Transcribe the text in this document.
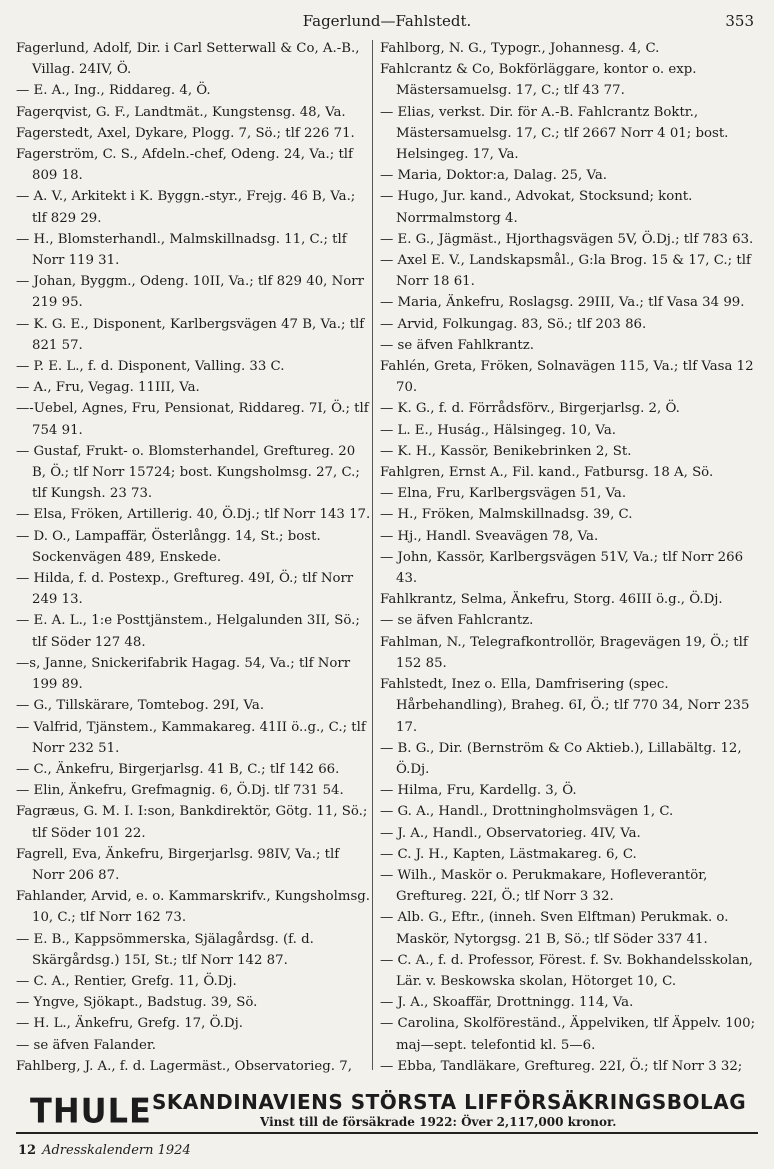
Fagerlund—Fahlstedt.	353
Fagerlund, Adolf, Dir. i Carl Setterwall & Co, A.-B., Villag. 24IV, Ö.
— E. A., Ing., Riddareg. 4, Ö.
Fagerqvist, G. F., Landtmät., Kungstensg. 48, Va.
Fagerstedt, Axel, Dykare, Plogg. 7, Sö.; tlf 226 71.
Fagerström, C. S., Afdeln.-chef, Odeng. 24, Va.; tlf 809 18.
— A. V., Arkitekt i K. Byggn.-styr., Frejg. 46 B, Va.; tlf 829 29.
— H., Blomsterhandl., Malmskillnadsg. 11, C.; tlf Norr 119 31.
— Johan, Byggm., Odeng. 10II, Va.; tlf 829 40, Norr 219 95.
— K. G. E., Disponent, Karlbergsvägen 47 B, Va.; tlf 821 57.
— P. E. L., f. d. Disponent, Valling. 33 C.
— A., Fru, Vegag. 11III, Va.
—-Uebel, Agnes, Fru, Pensionat, Riddareg. 7I, Ö.; tlf 754 91.
— Gustaf, Frukt- o. Blomsterhandel, Greftureg. 20 B, Ö.; tlf Norr 15724; bost. Kungsholmsg. 27, C.; tlf Kungsh. 23 73.
— Elsa, Fröken, Artillerig. 40, Ö.Dj.; tlf Norr 143 17.
— D. O., Lampaffär, Österlångg. 14, St.; bost. Sockenvägen 489, Enskede.
— Hilda, f. d. Postexp., Greftureg. 49I, Ö.; tlf Norr 249 13.
— E. A. L., 1:e Posttjänstem., Helgalunden 3II, Sö.; tlf Söder 127 48.
—s, Janne, Snickerifabrik Hagag. 54, Va.; tlf Norr 199 89.
— G., Tillskärare, Tomtebog. 29I, Va.
— Valfrid, Tjänstem., Kammakareg. 41II ö..g., C.; tlf Norr 232 51.
— C., Änkefru, Birgerjarlsg. 41 B, C.; tlf 142 66.
— Elin, Änkefru, Grefmagnig. 6, Ö.Dj. tlf 731 54.
Fagræus, G. M. I. I:son, Bankdirektör, Götg. 11, Sö.; tlf Söder 101 22.
Fagrell, Eva, Änkefru, Birgerjarlsg. 98IV, Va.; tlf Norr 206 87.
Fahlander, Arvid, e. o. Kammarskrifv., Kungsholmsg. 10, C.; tlf Norr 162 73.
— E. B., Kappsömmerska, Själagårdsg. (f. d. Skärgårdsg.) 15I, St.; tlf Norr 142 87.
— C. A., Rentier, Grefg. 11, Ö.Dj.
— Yngve, Sjökapt., Badstug. 39, Sö.
— H. L., Änkefru, Grefg. 17, Ö.Dj.
— se äfven Falander.
Fahlberg, J. A., f. d. Lagermäst., Observatorieg. 7,
Fahlborg, N. G., Typogr., Johannesg. 4, C.
Fahlcrantz & Co, Bokförläggare, kontor o. exp. Mästersamuelsg. 17, C.; tlf 43 77.
— Elias, verkst. Dir. för A.-B. Fahlcrantz Boktr., Mästersamuelsg. 17, C.; tlf 2667 Norr 4 01; bost. Helsingeg. 17, Va.
— Maria, Doktor:a, Dalag. 25, Va.
— Hugo, Jur. kand., Advokat, Stocksund; kont. Norrmalmstorg 4.
— E. G., Jägmäst., Hjorthagsvägen 5V, Ö.Dj.; tlf 783 63.
— Axel E. V., Landskapsmål., G:la Brog. 15 & 17, C.; tlf Norr 18 61.
— Maria, Änkefru, Roslagsg. 29III, Va.; tlf Vasa 34 99.
— Arvid, Folkungag. 83, Sö.; tlf 203 86.
— se äfven Fahlkrantz.
Fahlén, Greta, Fröken, Solnavägen 115, Va.; tlf Vasa 12 70.
— K. G., f. d. Förrådsförv., Birgerjarlsg. 2, Ö.
— L. E., Huság., Hälsingeg. 10, Va.
— K. H., Kassör, Benikebrinken 2, St.
Fahlgren, Ernst A., Fil. kand., Fatbursg. 18 A, Sö.
— Elna, Fru, Karlbergsvägen 51, Va.
— H., Fröken, Malmskillnadsg. 39, C.
— Hj., Handl. Sveavägen 78, Va.
— John, Kassör, Karlbergsvägen 51V, Va.; tlf Norr 266 43.
Fahlkrantz, Selma, Änkefru, Storg. 46III ö.g., Ö.Dj.
— se äfven Fahlcrantz.
Fahlman, N., Telegrafkontrollör, Bragevägen 19, Ö.; tlf 152 85.
Fahlstedt, Inez o. Ella, Damfrisering (spec. Hårbehandling), Braheg. 6I, Ö.; tlf 770 34, Norr 235 17.
— B. G., Dir. (Bernström & Co Aktieb.), Lillabältg. 12, Ö.Dj.
— Hilma, Fru, Kardellg. 3, Ö.
— G. A., Handl., Drottningholmsvägen 1, C.
— J. A., Handl., Observatorieg. 4IV, Va.
— C. J. H., Kapten, Lästmakareg. 6, C.
— Wilh., Maskör o. Perukmakare, Hofleverantör, Greftureg. 22I, Ö.; tlf Norr 3 32.
— Alb. G., Eftr., (inneh. Sven Elftman) Perukmak. o. Maskör, Nytorgsg. 21 B, Sö.; tlf Söder 337 41.
— C. A., f. d. Professor, Förest. f. Sv. Bokhandelsskolan, Lär. v. Beskowska skolan, Hötorget 10, C.
— J. A., Skoaffär, Drottningg. 114, Va.
— Carolina, Skolföreständ., Äppelviken, tlf Äppelv. 100; maj—sept. telefontid kl. 5—6.
— Ebba, Tandläkare, Greftureg. 22I, Ö.; tlf Norr 3 32;
THULE SKANDINAVIENS STÖRSTA LIFFÖRSÄKRINGSBOLAG
Vinst till de försäkrade 1922: Över 2,117,000 kronor.
12 Adresskalendern 1924
